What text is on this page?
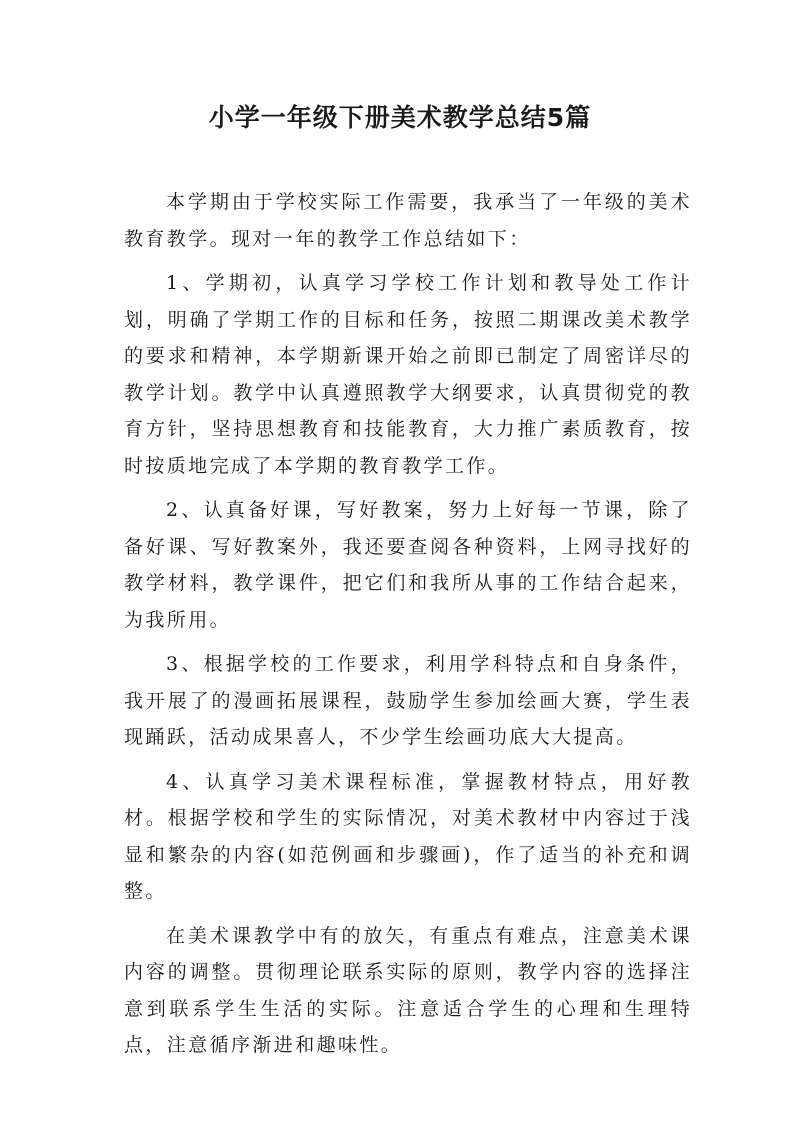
小学一年级下册美术教学总结5篇

本学期由于学校实际工作需要，我承当了一年级的美术教育教学。现对一年的教学工作总结如下：

1、学期初，认真学习学校工作计划和教导处工作计划，明确了学期工作的目标和任务，按照二期课改美术教学的要求和精神，本学期新课开始之前即已制定了周密详尽的教学计划。教学中认真遵照教学大纲要求，认真贯彻党的教育方针，坚持思想教育和技能教育，大力推广素质教育，按时按质地完成了本学期的教育教学工作。

2、认真备好课，写好教案，努力上好每一节课，除了备好课、写好教案外，我还要查阅各种资料，上网寻找好的教学材料，教学课件，把它们和我所从事的工作结合起来，为我所用。

3、根据学校的工作要求，利用学科特点和自身条件，我开展了的漫画拓展课程，鼓励学生参加绘画大赛，学生表现踊跃，活动成果喜人，不少学生绘画功底大大提高。

4、认真学习美术课程标准，掌握教材特点，用好教材。根据学校和学生的实际情况，对美术教材中内容过于浅显和繁杂的内容(如范例画和步骤画)，作了适当的补充和调整。

在美术课教学中有的放矢，有重点有难点，注意美术课内容的调整。贯彻理论联系实际的原则，教学内容的选择注意到联系学生生活的实际。注意适合学生的心理和生理特点，注意循序渐进和趣味性。
